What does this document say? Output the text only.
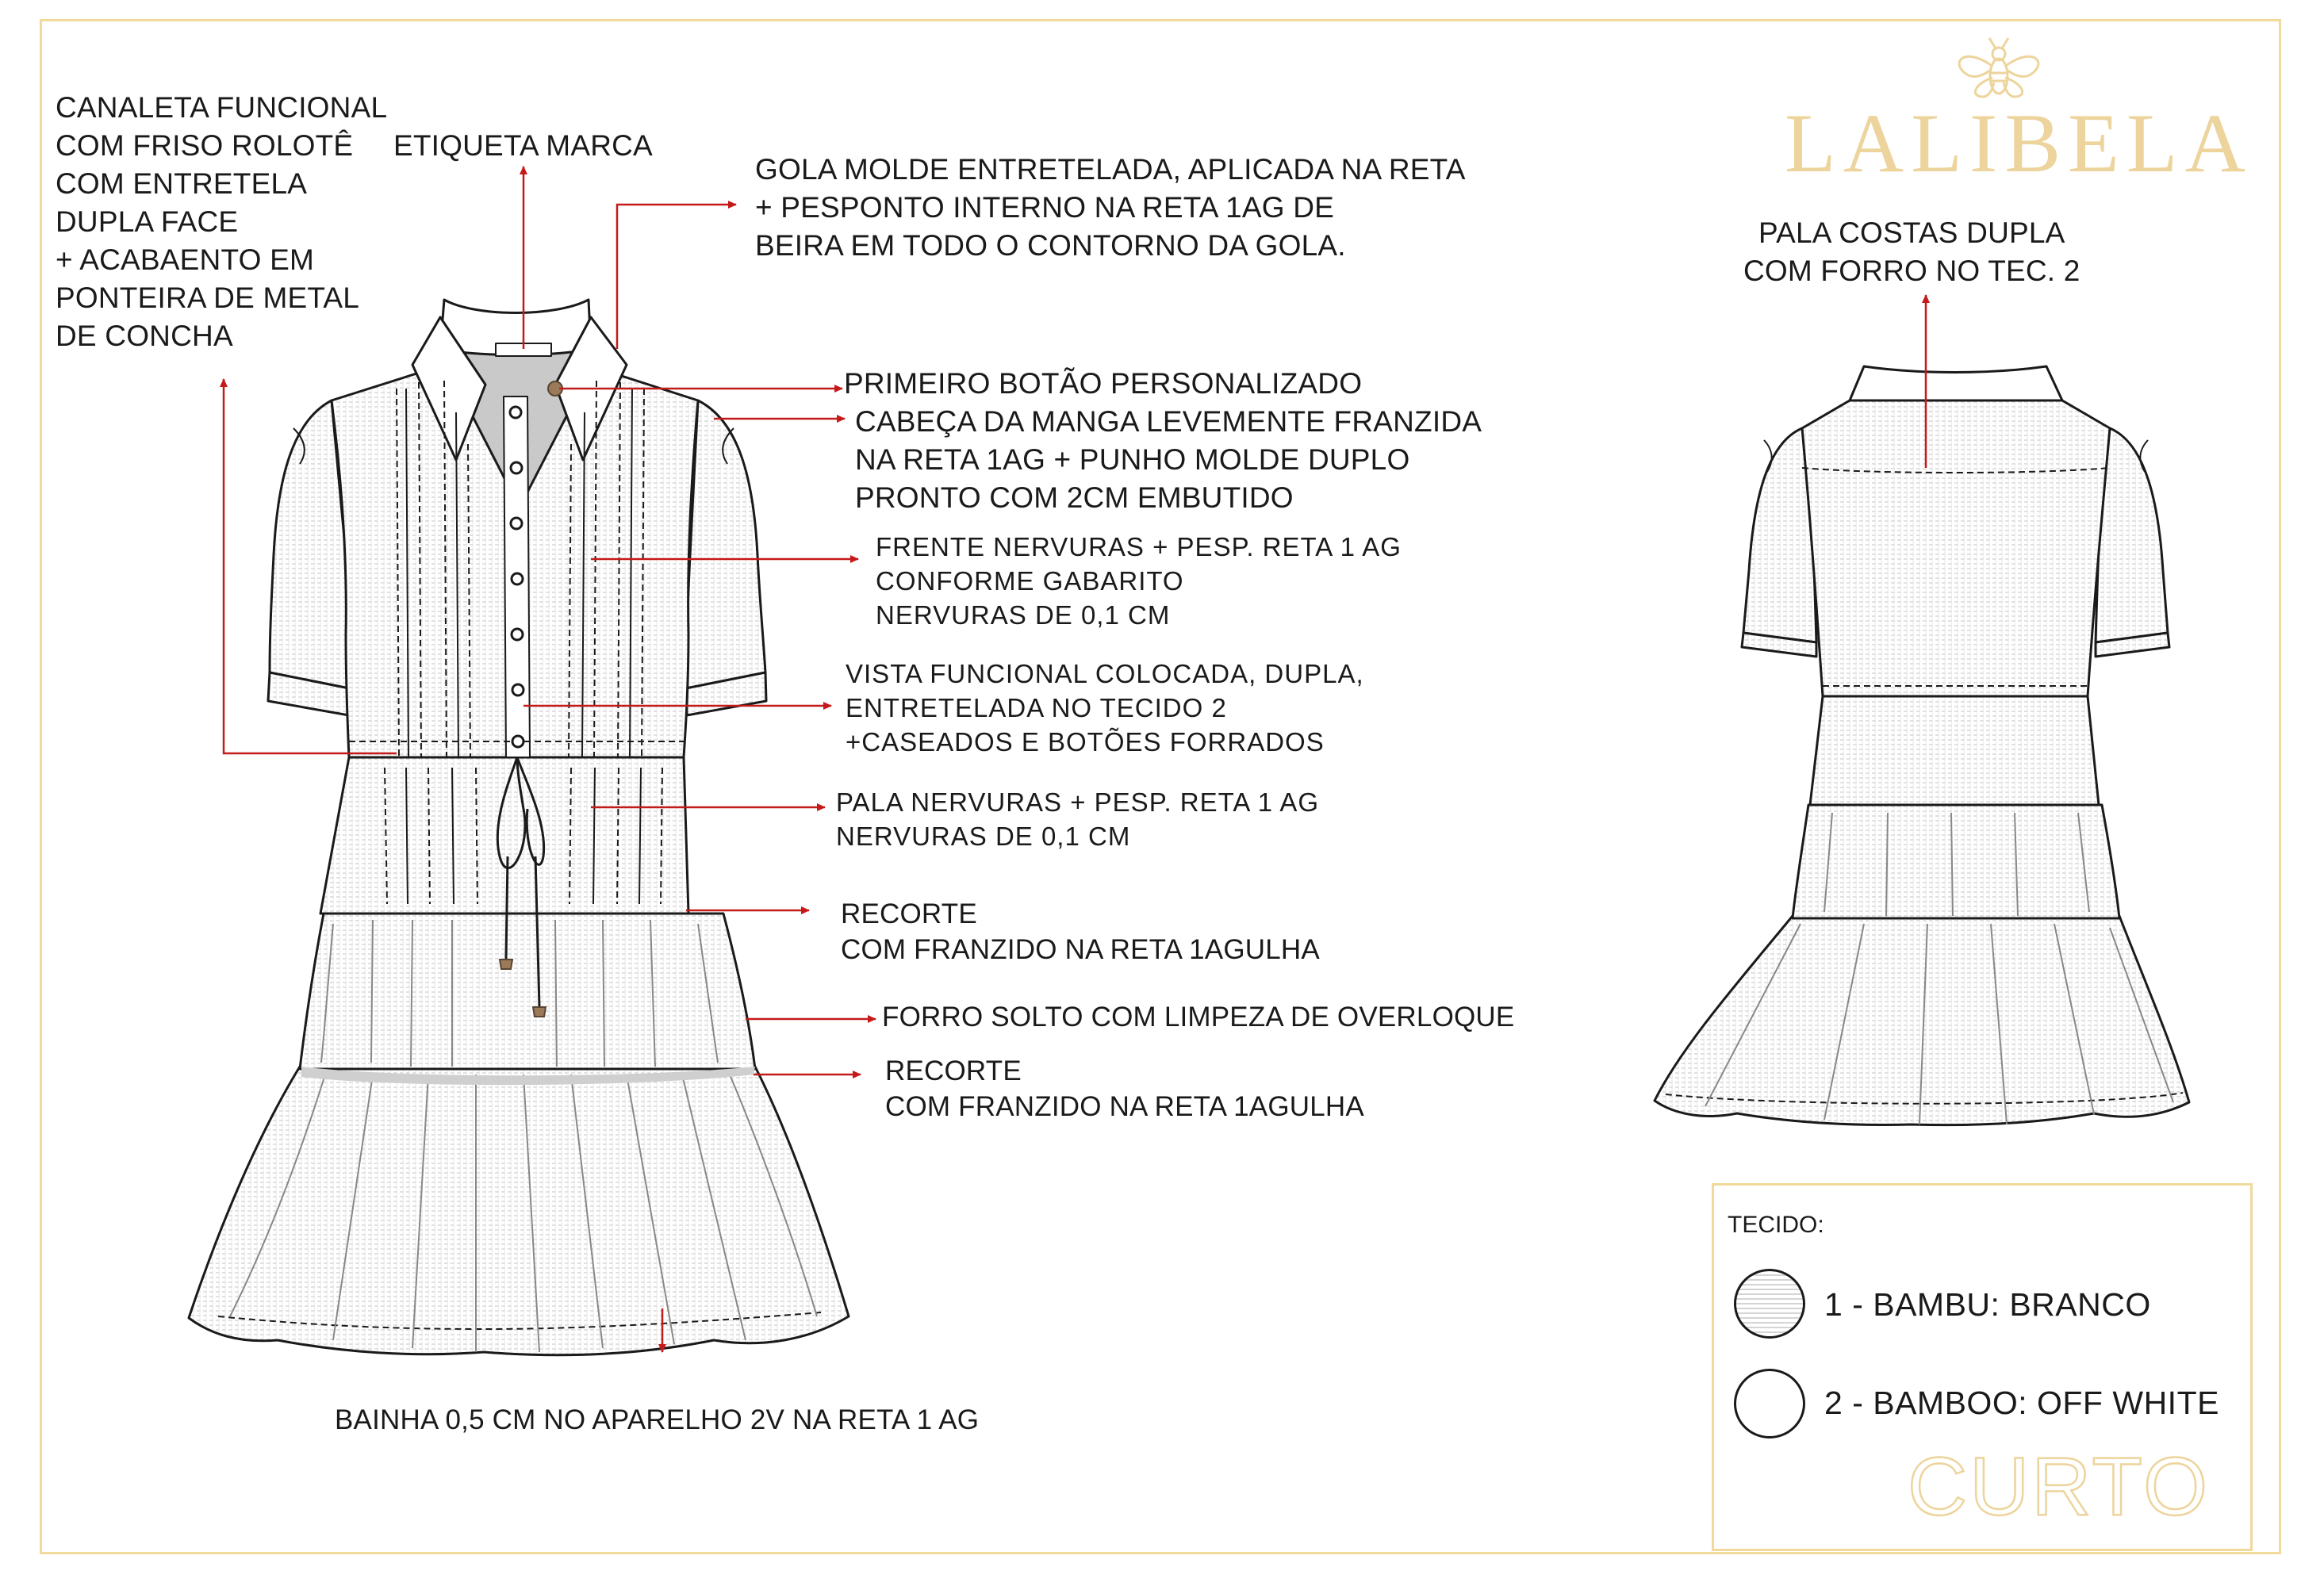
LALIBELA
CANALETA FUNCIONAL
COM FRISO ROLOTÊ
COM ENTRETELA
DUPLA FACE
+ ACABAENTO EM
PONTEIRA DE METAL
DE CONCHA
ETIQUETA MARCA
GOLA MOLDE ENTRETELADA, APLICADA NA RETA
+ PESPONTO INTERNO NA RETA 1AG DE
BEIRA EM TODO O CONTORNO DA GOLA.
PRIMEIRO BOTÃO PERSONALIZADO
CABEÇA DA MANGA LEVEMENTE FRANZIDA
NA RETA 1AG + PUNHO MOLDE DUPLO
PRONTO COM 2CM EMBUTIDO
FRENTE NERVURAS + PESP. RETA 1 AG
CONFORME GABARITO
NERVURAS DE 0,1 CM
VISTA FUNCIONAL COLOCADA, DUPLA,
ENTRETELADA NO TECIDO 2
+CASEADOS E BOTÕES FORRADOS
PALA NERVURAS + PESP. RETA 1 AG
NERVURAS DE 0,1 CM
RECORTE
COM FRANZIDO NA RETA 1AGULHA
FORRO SOLTO COM LIMPEZA DE OVERLOQUE
RECORTE
COM FRANZIDO NA RETA 1AGULHA
BAINHA 0,5 CM NO APARELHO 2V NA RETA 1 AG
PALA COSTAS DUPLA
COM FORRO NO TEC. 2
TECIDO:
1 - BAMBU: BRANCO
2 - BAMBOO: OFF WHITE
CURTO
